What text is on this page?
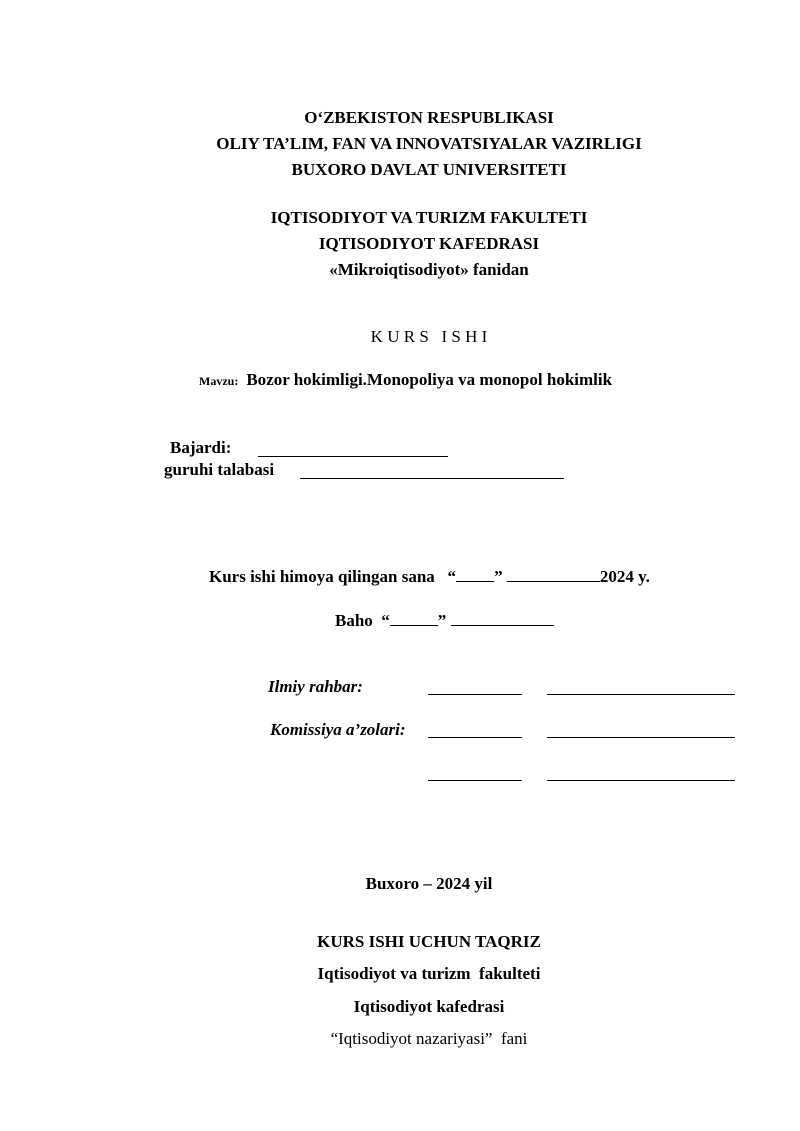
O‘ZBEKISTON RESPUBLIKASI
OLIY TA’LIM, FAN VA INNOVATSIYALAR VAZIRLIGI
BUXORO DAVLAT UNIVERSITETI
IQTISODIYOT VA TURIZM FAKULTETI
IQTISODIYOT KAFEDRASI
«Mikroiqtisodiyot» fanidan
K U R S   I S H I
Mavzu: Bozor hokimligi.Monopoliya va monopol hokimlik
Bajardi:
guruhi talabasi
Kurs ishi himoya qilingan sana   “ ”	2024 y.
Baho  “	”
Ilmiy rahbar:
Komissiya a’zolari:
Buxoro – 2024 yil
KURS ISHI UCHUN TAQRIZ
Iqtisodiyot va turizm  fakulteti
Iqtisodiyot kafedrasi
“Iqtisodiyot nazariyasi”  fani
